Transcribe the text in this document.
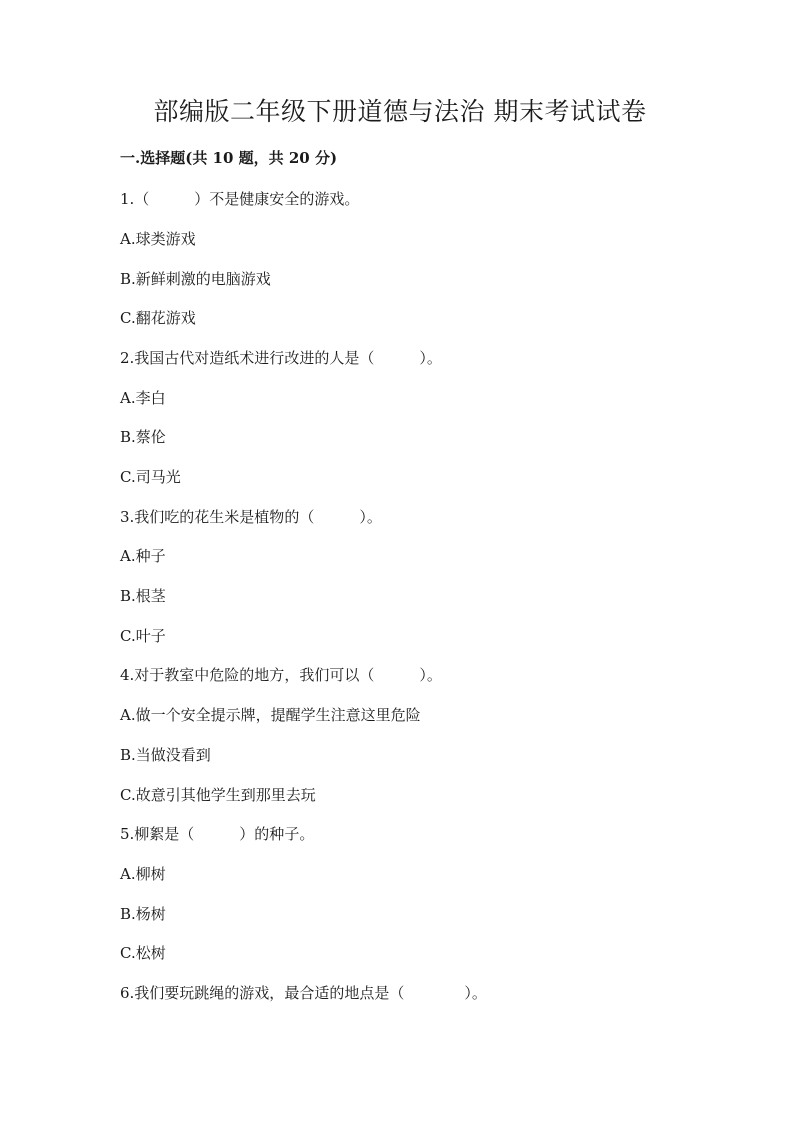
部编版二年级下册道德与法治 期末考试试卷
一.选择题(共 10 题，共 20 分)

1.（　　　）不是健康安全的游戏。

A.球类游戏

B.新鲜刺激的电脑游戏

C.翻花游戏

2.我国古代对造纸术进行改进的人是（　　　）。

A.李白

B.蔡伦

C.司马光

3.我们吃的花生米是植物的（　　　）。

A.种子

B.根茎

C.叶子

4.对于教室中危险的地方，我们可以（　　　）。

A.做一个安全提示牌，提醒学生注意这里危险

B.当做没看到

C.故意引其他学生到那里去玩

5.柳絮是（　　　）的种子。

A.柳树

B.杨树

C.松树

6.我们要玩跳绳的游戏，最合适的地点是（　　　　）。
